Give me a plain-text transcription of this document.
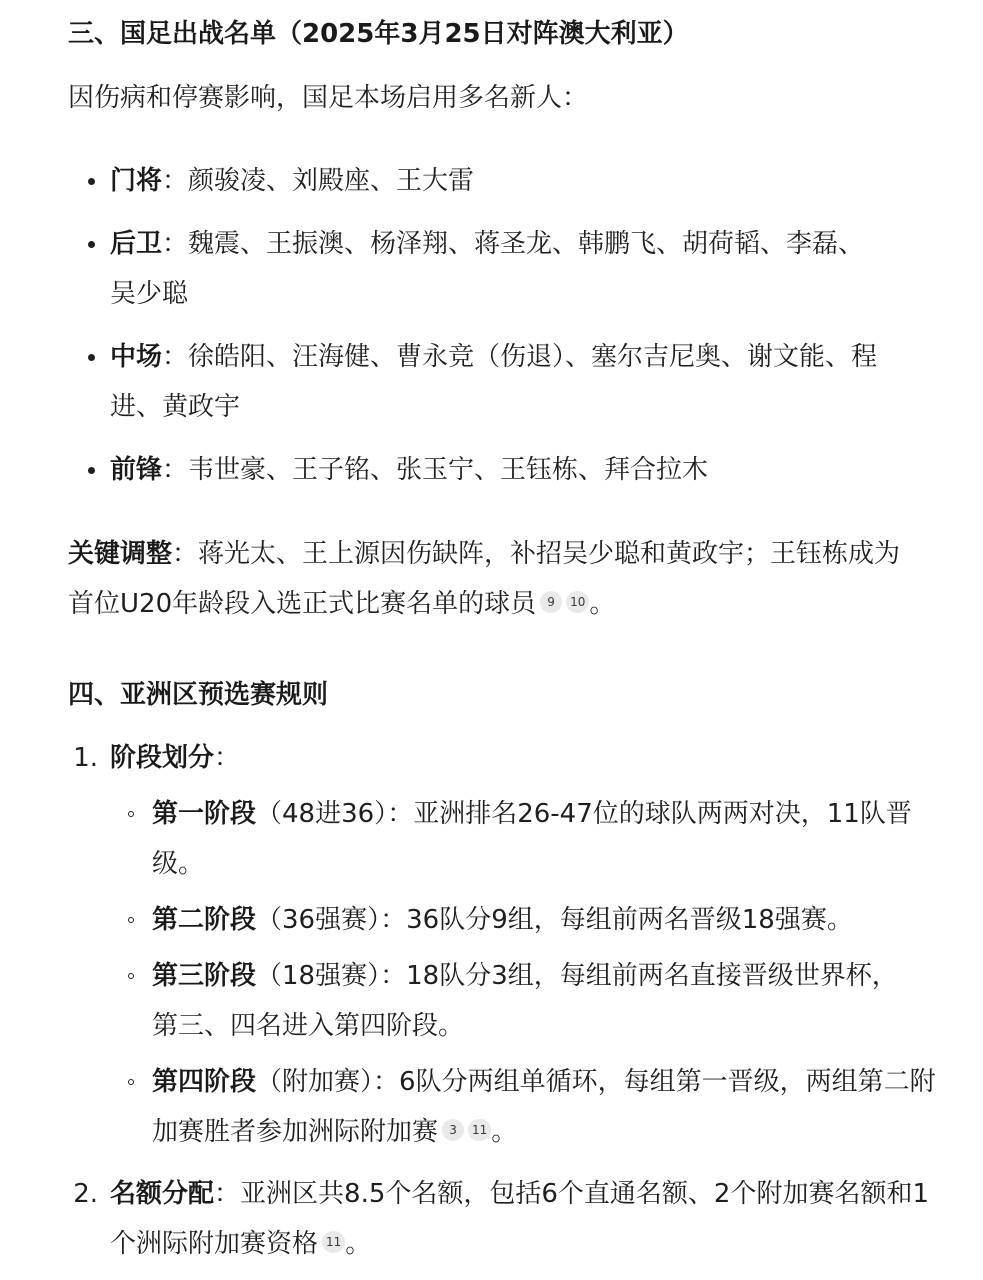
三、国足出战名单（2025年3月25日对阵澳大利亚）

因伤病和停赛影响，国足本场启用多名新人：

门将：颜骏凌、刘殿座、王大雷
后卫：魏震、王振澳、杨泽翔、蒋圣龙、韩鹏飞、胡荷韬、李磊、吴少聪
中场：徐皓阳、汪海健、曹永竞（伤退）、塞尔吉尼奥、谢文能、程进、黄政宇
前锋：韦世豪、王子铭、张玉宁、王钰栋、拜合拉木

关键调整：蒋光太、王上源因伤缺阵，补招吴少聪和黄政宇；王钰栋成为首位U20年龄段入选正式比赛名单的球员 9 10 。

四、亚洲区预选赛规则
1. 阶段划分：
第一阶段（48进36）：亚洲排名26-47位的球队两两对决，11队晋级。
第二阶段（36强赛）：36队分9组，每组前两名晋级18强赛。
第三阶段（18强赛）：18队分3组，每组前两名直接晋级世界杯，第三、四名进入第四阶段。
第四阶段（附加赛）：6队分两组单循环，每组第一晋级，两组第二附加赛胜者参加洲际附加赛 3 11 。
2. 名额分配：亚洲区共8.5个名额，包括6个直通名额、2个附加赛名额和1个洲际附加赛资格 11 。
